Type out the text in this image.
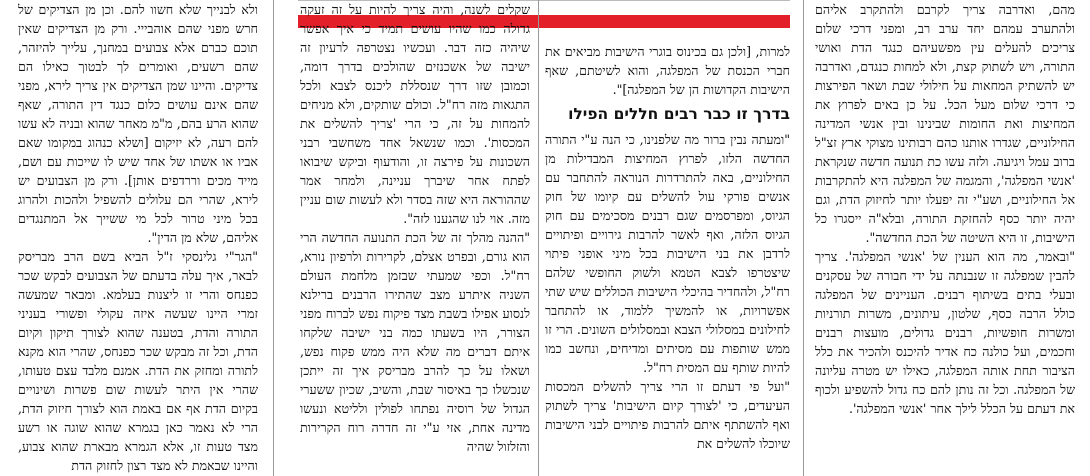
מהם, ואדרבה צריך לקרבם ולהתקרב אליהם ולהתערב עמהם יחד ערב רב, ומפני דרכי שלום צריכים להעלים עין מפשעיהם כנגד הדת ואושי התורה, ויש לשתוק קצת, ולא למחות כנגדם, ואדרבה יש להשתיק המחאות על חילולי שבת ושאר הפירצות כי דרכי שלום מעל הכל. על כן באים לפרוץ את המחיצות ואת החומות שבינינו ובין אנשי המדינה החילוניים, שגדרו אותנו כהם רבותינו מצוקי ארץ זצ"ל ברוב עמל ויגיעה. ולזה עשו כת תנועה חדשה שנקראת 'אנשי המפלגה', והמגמה של המפלגה היא להתקרבות אל החילוניים, ושע"י זה יפעלו יותר לחיזוק הדת, וגם יהיה יותר כסף להחזקת התורה, ובלא"ה ייסגרו כל הישיבות, זו היא השיטה של הכת החדשה".

"ובאמר, מה הוא הענין של 'אנשי המפלגה'. צריך להבין שמפלגה זו שנבנתה על ידי חבורה של עסקנים ובעלי בתים בשיתוף רבנים. העניינים של המפלגה כולל הרבה כסף, שלטון, עיתונים, משרות תורניות ומשרות חופשיות, רבנים גדולים, מועצות רבנים וחכמים, ועל כולנה כח אדיר להיכנס ולהכיר את כלל הציבור תחת אותה המפלגה, כאילו יש מטרה עליונה של המפלגה. וכל זה נותן להם כח גדול להשפיע ולכוף את דעתם על הכלל לילך אחר 'אנשי המפלגה'.

למרות, [ולכן גם בכינוס בוגרי הישיבות מביאים את חברי הכנסת של המפלגה, והוא לשיטתם, שאף הישיבות הקדושות הן של המפלגה]".

בדרך זו כבר רבים חללים הפילו

"ומעתה נבין ברור מה שלפנינו, כי הנה ע"י התורה החדשה הלזו, לפרוץ המחיצות המבדילות מן החילוניים, באה להתרדרות הנוראה להתחבר עם אנשים פורקי עול להשלים עם קיומו של חוק הגיוס, ומפרסמים שגם רבנים מסכימים עם חוק הגיוס הלזה, ואף לאשר להרבות גירויים ופיתויים לרדבן את בני הישיבות בכל מיני אופני פיתוי שיצטרפו לצבא הטמא ולשוק החופשי שלהם רח"ל, ולהחדיר בהיכלי הישיבות הכוללים שיש שתי אפשרויות, או להמשיך ללמוד, או להתחבר לחילונים במסלולי הצבא ובמסלולים השונים. הרי זו ממש שותפות עם מסיתים ומדיחים, ונחשב כמו להיות שותף עם המסית רח"ל.

"ועל פי דעתם זו הרי צריך להשלים המכסות העיעדים, כי 'לצורך קיום הישיבות' צריך לשתוק ואף להשתתף איתם להרבות פיתויים לבני הישיבות שיוכלו להשלים את

שקלים לשנה, והיה צריך להיות על זה זעקה גדולה כמו שהיו עושים תמיד כי איך אפשר שיהיה כזה דבר. ועכשיו נצטרפה לרעיון זה ישיבה של אשכנזים שהולכים בדרך דומה, וכמובן שזו דרך שנסללת ליכנס לצבא ולכל התגאות מזה רח"ל. וכולם שותקים, ולא מניחים להמחות על זה, כי הרי 'צריך להשלים את המכסות'. וכמו שנשאל אחד משחשבי רבני השכונות על פירצה זו, והודעוף וביקש שיבואו לפתח אחר שיברך עניינה, ולמחר אמר שההוראה היא שזה בסדר ולא לעשות שום עניין מזה. אוי לנו שהגענו לזה".

"ההנה מהלך זה של הכת התנועה החדשה הרי הוא גורם, ובפרט אצלם, לקרירות ולרפיון נורא, רח"ל. וכפי שמעתי שבזמן מלחמת העולם השניה איתרע מצב שהתירו הרבנים ברילנא לנסוע אפילו בשבת מצד פיקוח נפש לברוח מפני הצורר, היו בשעתו כמה בני ישיבה שלקחו איתם דברים מה שלא היה ממש פקוח נפש, ושאלו על כך להרב מבריסק איך זה ייתכן שנכשלו כך באיסור שבת, והשיב, שכיון ששערי הגדול של רוסיה נפתחו לפולין ולליטא ונעשו מדינה אחת, אזי ע"י זה חדרה רוח הקרירות והזלזול שהיה

ולא לבנייך שלא חשוו להם. וכן מן הצדיקים של חרש מפני שהם אוהבייי. ורק מן הצדיקים שאין תוכם כברם אלא צבועים במחנך, עלייך להיזהר, שהם רשעים, ואומרים לך לבטוך כאילו הם צדיקים. והיינו שמן הצדיקים אין צריך לירא, מפני שהם אינם עושים כלום כנגד דין התורה, שאף שהוא הרע בהם, מ"מ מאחר שהוא ובניה לא עשו להם רעה, לא יזיקום [ושלא כנהוג במקומו שאם אביו או אשתו של אחד שיש לו שייכות עם ושם, מייד מכים וררדפים אותן]. ורק מן הצבועים יש לירא, שהרי הם עלולים להשפיל ולהכות ולהרוג בכל מיני טרור לכל מי ששייך אל המתנגדים אליהם, שלא מן הדין".

"הגר"י גלינסקי ז"ל הביא בשם הרב מבריסק לבאר, איך עלה בדעתם של הצבועים לבקש שכר כפנחס והרי זו ליצנות בעלמא. ומבאר שמעשה זמרי היינו שעשה איזה עקולי ופשורי בעניני התורה והדת, בטענה שהוא לצורך תיקון וקיום הדת, וכל זה מבקש שכר כפנחס, שהרי הוא מקנא לתורה ומחזק את הדת. אמנם מלבד עצם טעותו, שהרי אין היתר לעשות שום פשרות ושינויים בקיום הדת אף אם באמת הוא לצורך חיזוק הדת, הרי לא נאמר כאן בגמרא שהוא שוגה או רשע מצד טעות זו, אלא הגמרא מבארת שהוא צבוע, והיינו שבאמת לא מצד רצון לחזוק הדת
